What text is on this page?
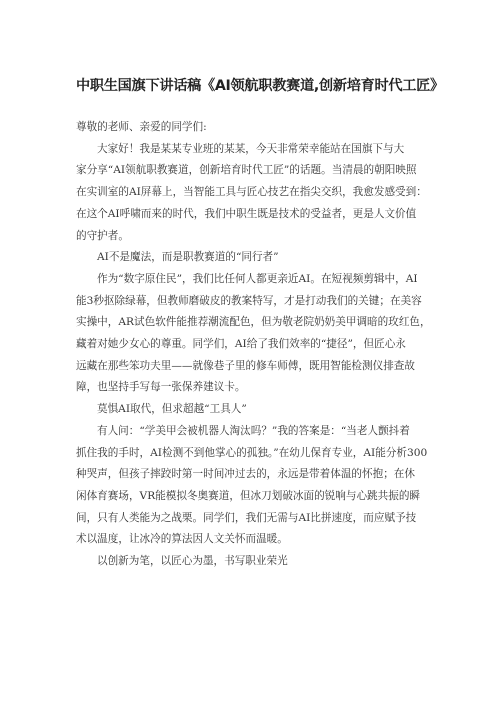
中职生国旗下讲话稿《AI领航职教赛道,创新培育时代工匠》

尊敬的老师、亲爱的同学们:

大家好！我是某某专业班的某某，今天非常荣幸能站在国旗下与大
家分享“AI领航职教赛道，创新培育时代工匠”的话题。当清晨的朝阳映照
在实训室的AI屏幕上，当智能工具与匠心技艺在指尖交织，我愈发感受到：
在这个AI呼啸而来的时代，我们中职生既是技术的受益者，更是人文价值
的守护者。

AI不是魔法，而是职教赛道的“同行者”

作为“数字原住民”，我们比任何人都更亲近AI。在短视频剪辑中，AI
能3秒抠除绿幕，但教师磨破皮的教案特写，才是打动我们的关键；在美容
实操中，AR试色软件能推荐潮流配色，但为敬老院奶奶美甲调暗的玫红色，
藏着对她少女心的尊重。同学们，AI给了我们效率的“捷径”，但匠心永
远藏在那些笨功夫里——就像巷子里的修车师傅，既用智能检测仪排查故
障，也坚持手写每一张保养建议卡。

莫惧AI取代，但求超越“工具人”

有人问：“学美甲会被机器人淘汰吗？”我的答案是：“当老人颤抖着
抓住我的手时，AI检测不到他掌心的孤独。”在幼儿保育专业，AI能分析300
种哭声，但孩子摔跤时第一时间冲过去的，永远是带着体温的怀抱；在休
闲体育赛场，VR能模拟冬奥赛道，但冰刀划破冰面的锐响与心跳共振的瞬
间，只有人类能为之战栗。同学们，我们无需与AI比拼速度，而应赋予技
术以温度，让冰冷的算法因人文关怀而温暖。

以创新为笔，以匠心为墨，书写职业荣光
